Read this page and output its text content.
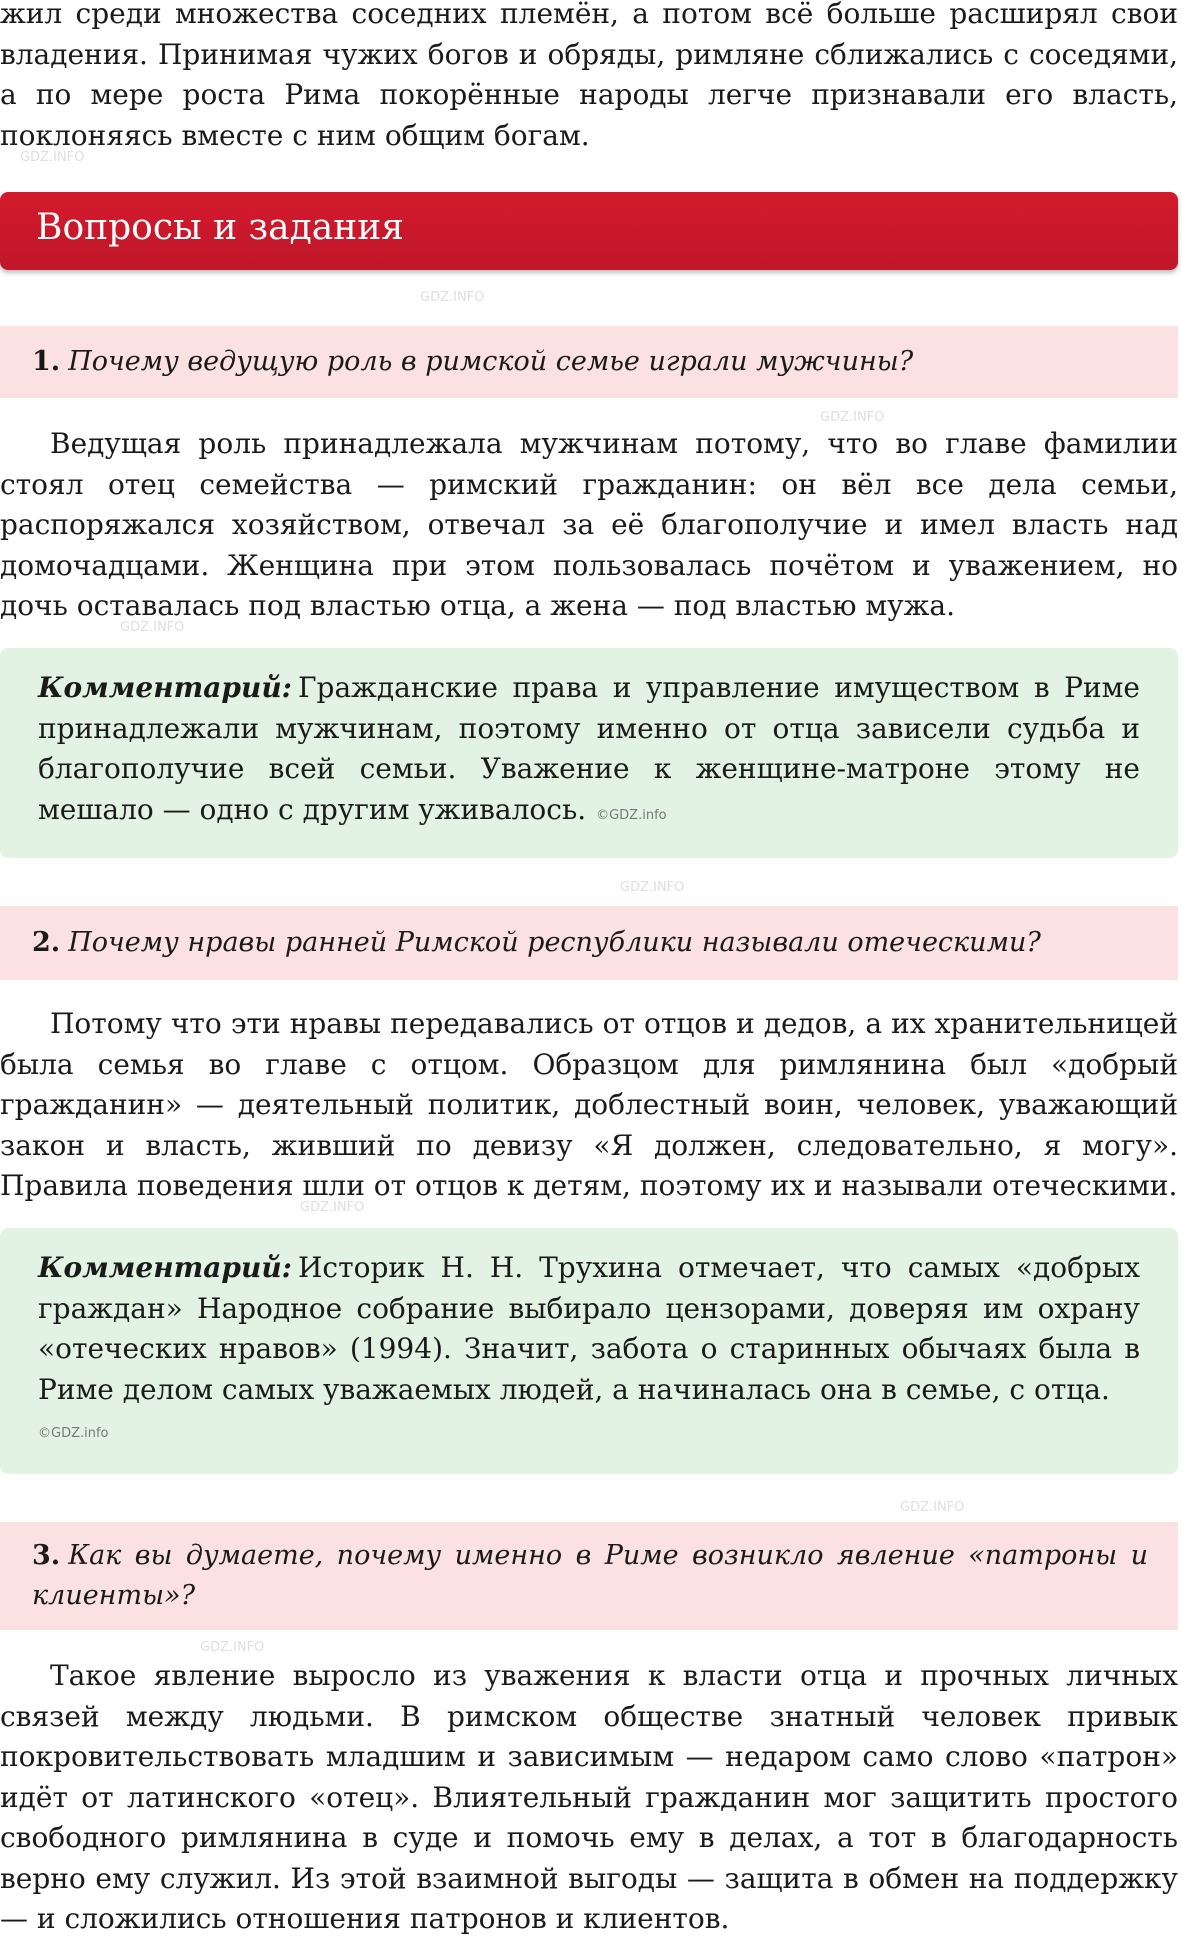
жил среди множества соседних племён, а потом всё больше расширял свои владения. Принимая чужих богов и обряды, римляне сближались с соседями, а по мере роста Рима покорённые народы легче признавали его власть, поклоняясь вместе с ним общим богам.

Вопросы и задания
1. Почему ведущую роль в римской семье играли мужчины?

Ведущая роль принадлежала мужчинам потому, что во главе фамилии стоял отец семейства — римский гражданин: он вёл все дела семьи, распоряжался хозяйством, отвечал за её благополучие и имел власть над домочадцами. Женщина при этом пользовалась почётом и уважением, но дочь оставалась под властью отца, а жена — под властью мужа.

Комментарий: Гражданские права и управление имуществом в Риме принадлежали мужчинам, поэтому именно от отца зависели судьба и благополучие всей семьи. Уважение к женщине-матроне этому не мешало — одно с другим уживалось. ©GDZ.info

2. Почему нравы ранней Римской республики называли отеческими?

Потому что эти нравы передавались от отцов и дедов, а их хранительницей была семья во главе с отцом. Образцом для римлянина был «добрый гражданин» — деятельный политик, доблестный воин, человек, уважающий закон и власть, живший по девизу «Я должен, следовательно, я могу». Правила поведения шли от отцов к детям, поэтому их и называли отеческими.

Комментарий: Историк Н. Н. Трухина отмечает, что самых «добрых граждан» Народное собрание выбирало цензорами, доверяя им охрану «отеческих нравов» (1994). Значит, забота о старинных обычаях была в Риме делом самых уважаемых людей, а начиналась она в семье, с отца.

©GDZ.info
3. Как вы думаете, почему именно в Риме возникло явление «патроны и клиенты»?

Такое явление выросло из уважения к власти отца и прочных личных связей между людьми. В римском обществе знатный человек привык покровительствовать младшим и зависимым — недаром само слово «патрон» идёт от латинского «отец». Влиятельный гражданин мог защитить простого свободного римлянина в суде и помочь ему в делах, а тот в благодарность верно ему служил. Из этой взаимной выгоды — защита в обмен на поддержку — и сложились отношения патронов и клиентов.

GDZ.INFO
GDZ.INFO
GDZ.INFO
GDZ.INFO
GDZ.INFO
GDZ.INFO
GDZ.INFO
GDZ.INFO
